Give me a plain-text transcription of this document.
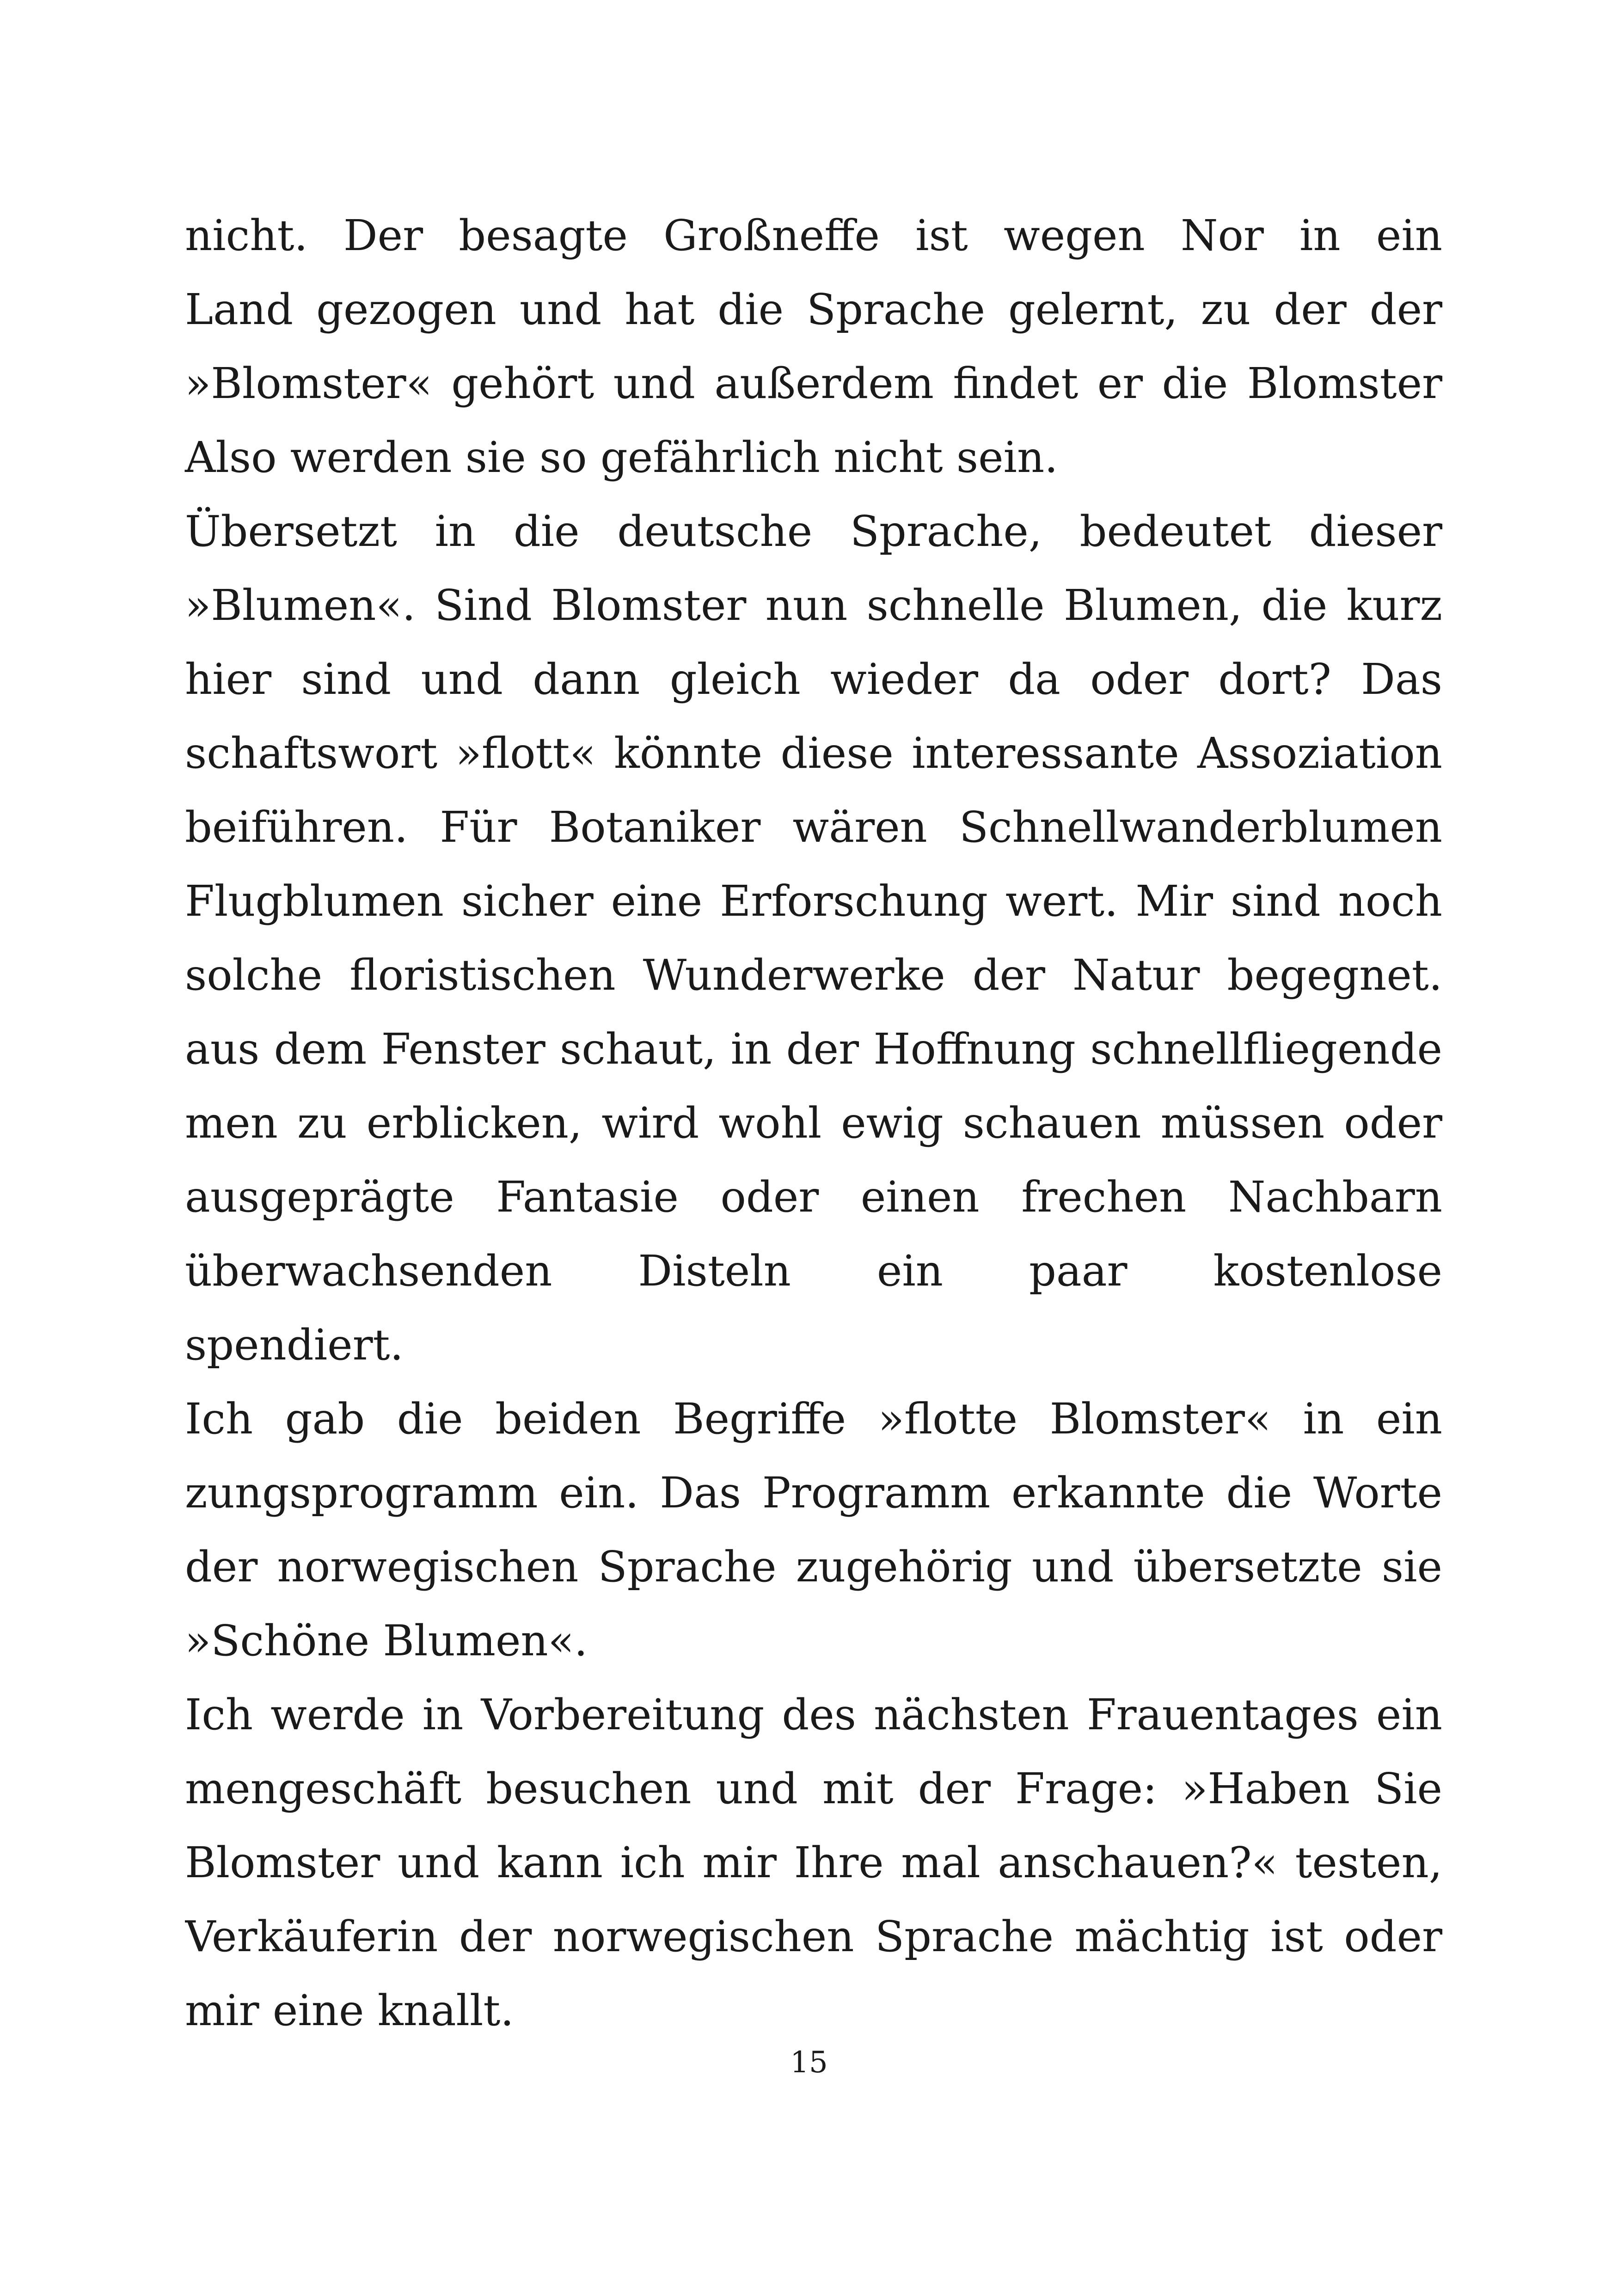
nicht. Der besagte Großneffe ist wegen Nor in ein
Land gezogen und hat die Sprache gelernt, zu der der
»Blomster« gehört und außerdem findet er die Blomster
Also werden sie so gefährlich nicht sein.
Übersetzt in die deutsche Sprache, bedeutet dieser
»Blumen«. Sind Blomster nun schnelle Blumen, die kurz
hier sind und dann gleich wieder da oder dort? Das
schaftswort »flott« könnte diese interessante Assoziation
beiführen. Für Botaniker wären Schnellwanderblumen
Flugblumen sicher eine Erforschung wert. Mir sind noch
solche floristischen Wunderwerke der Natur begegnet.
aus dem Fenster schaut, in der Hoffnung schnellfliegende
men zu erblicken, wird wohl ewig schauen müssen oder
ausgeprägte Fantasie oder einen frechen Nachbarn
überwachsenden Disteln ein paar kostenlose
spendiert.
Ich gab die beiden Begriffe »flotte Blomster« in ein
zungsprogramm ein. Das Programm erkannte die Worte
der norwegischen Sprache zugehörig und übersetzte sie
»Schöne Blumen«.
Ich werde in Vorbereitung des nächsten Frauentages ein
mengeschäft besuchen und mit der Frage: »Haben Sie
Blomster und kann ich mir Ihre mal anschauen?« testen,
Verkäuferin der norwegischen Sprache mächtig ist oder
mir eine knallt.
15
